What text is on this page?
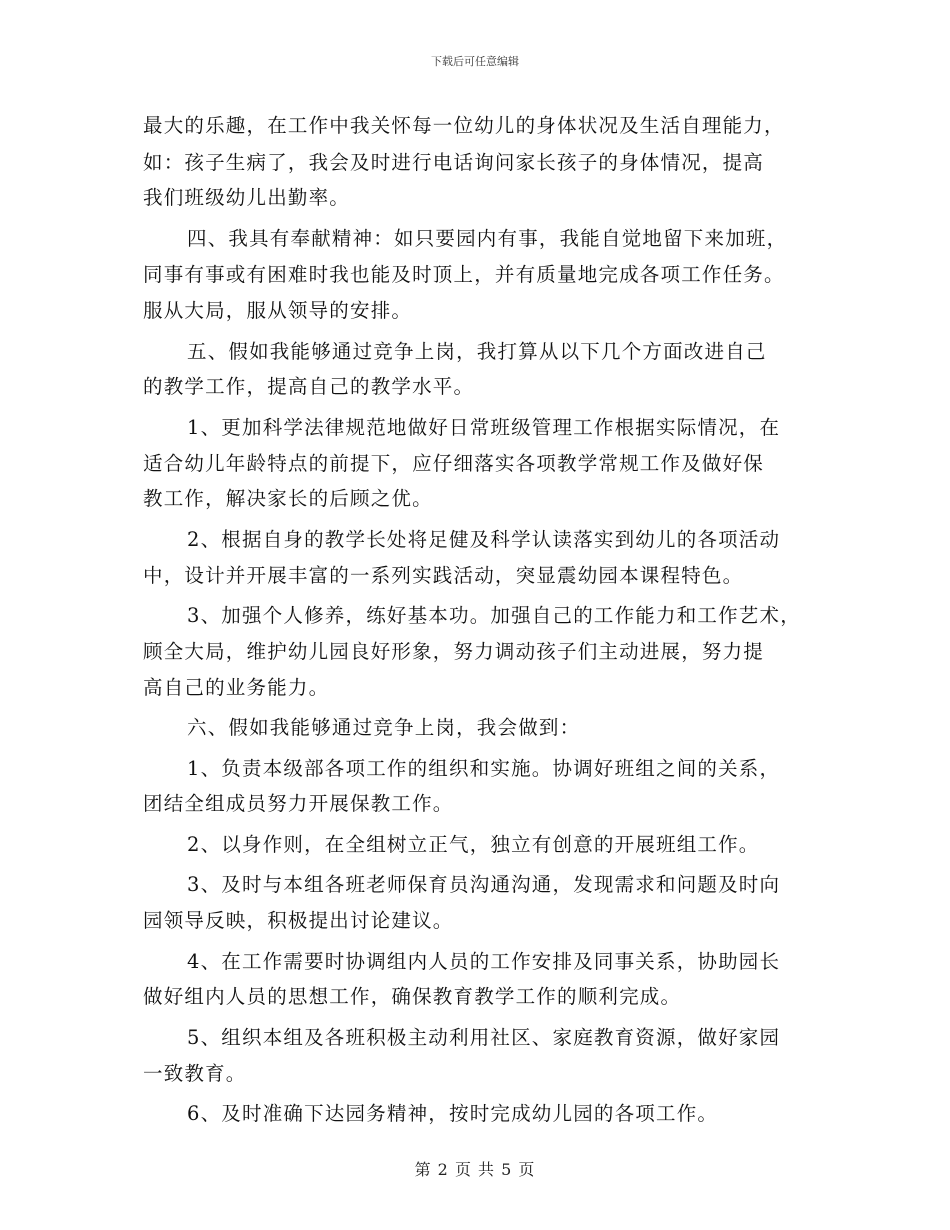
下载后可任意编辑
最大的乐趣，在工作中我关怀每一位幼儿的身体状况及生活自理能力，
如：孩子生病了，我会及时进行电话询问家长孩子的身体情况，提高
我们班级幼儿出勤率。
四、我具有奉献精神：如只要园内有事，我能自觉地留下来加班，
同事有事或有困难时我也能及时顶上，并有质量地完成各项工作任务。
服从大局，服从领导的安排。
五、假如我能够通过竞争上岗，我打算从以下几个方面改进自己
的教学工作，提高自己的教学水平。
1、更加科学法律规范地做好日常班级管理工作根据实际情况，在
适合幼儿年龄特点的前提下，应仔细落实各项教学常规工作及做好保
教工作，解决家长的后顾之优。
2、根据自身的教学长处将足健及科学认读落实到幼儿的各项活动
中，设计并开展丰富的一系列实践活动，突显震幼园本课程特色。
3、加强个人修养，练好基本功。加强自己的工作能力和工作艺术，
顾全大局，维护幼儿园良好形象，努力调动孩子们主动进展，努力提
高自己的业务能力。
六、假如我能够通过竞争上岗，我会做到：
1、负责本级部各项工作的组织和实施。协调好班组之间的关系，
团结全组成员努力开展保教工作。
2、以身作则，在全组树立正气，独立有创意的开展班组工作。
3、及时与本组各班老师保育员沟通沟通，发现需求和问题及时向
园领导反映，积极提出讨论建议。
4、在工作需要时协调组内人员的工作安排及同事关系，协助园长
做好组内人员的思想工作，确保教育教学工作的顺利完成。
5、组织本组及各班积极主动利用社区、家庭教育资源，做好家园
一致教育。
6、及时准确下达园务精神，按时完成幼儿园的各项工作。
第 2 页 共 5 页
